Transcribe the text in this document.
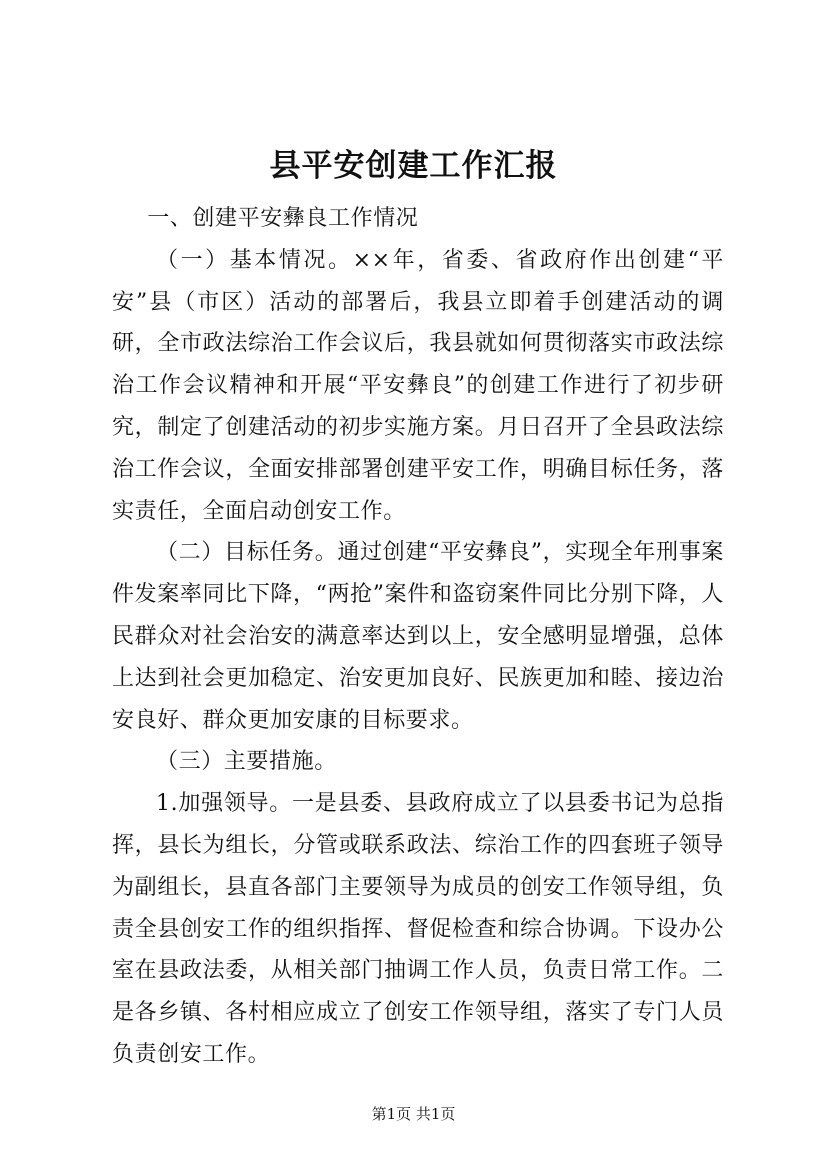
县平安创建工作汇报

一、创建平安彝良工作情况

（一）基本情况。××年，省委、省政府作出创建“平安”县（市区）活动的部署后，我县立即着手创建活动的调研，全市政法综治工作会议后，我县就如何贯彻落实市政法综治工作会议精神和开展“平安彝良”的创建工作进行了初步研究，制定了创建活动的初步实施方案。月日召开了全县政法综治工作会议，全面安排部署创建平安工作，明确目标任务，落实责任，全面启动创安工作。

（二）目标任务。通过创建“平安彝良”，实现全年刑事案件发案率同比下降，“两抢”案件和盗窃案件同比分别下降，人民群众对社会治安的满意率达到以上，安全感明显增强，总体上达到社会更加稳定、治安更加良好、民族更加和睦、接边治安良好、群众更加安康的目标要求。

（三）主要措施。

1.加强领导。一是县委、县政府成立了以县委书记为总指挥，县长为组长，分管或联系政法、综治工作的四套班子领导为副组长，县直各部门主要领导为成员的创安工作领导组，负责全县创安工作的组织指挥、督促检查和综合协调。下设办公室在县政法委，从相关部门抽调工作人员，负责日常工作。二是各乡镇、各村相应成立了创安工作领导组，落实了专门人员负责创安工作。

第1页 共1页
